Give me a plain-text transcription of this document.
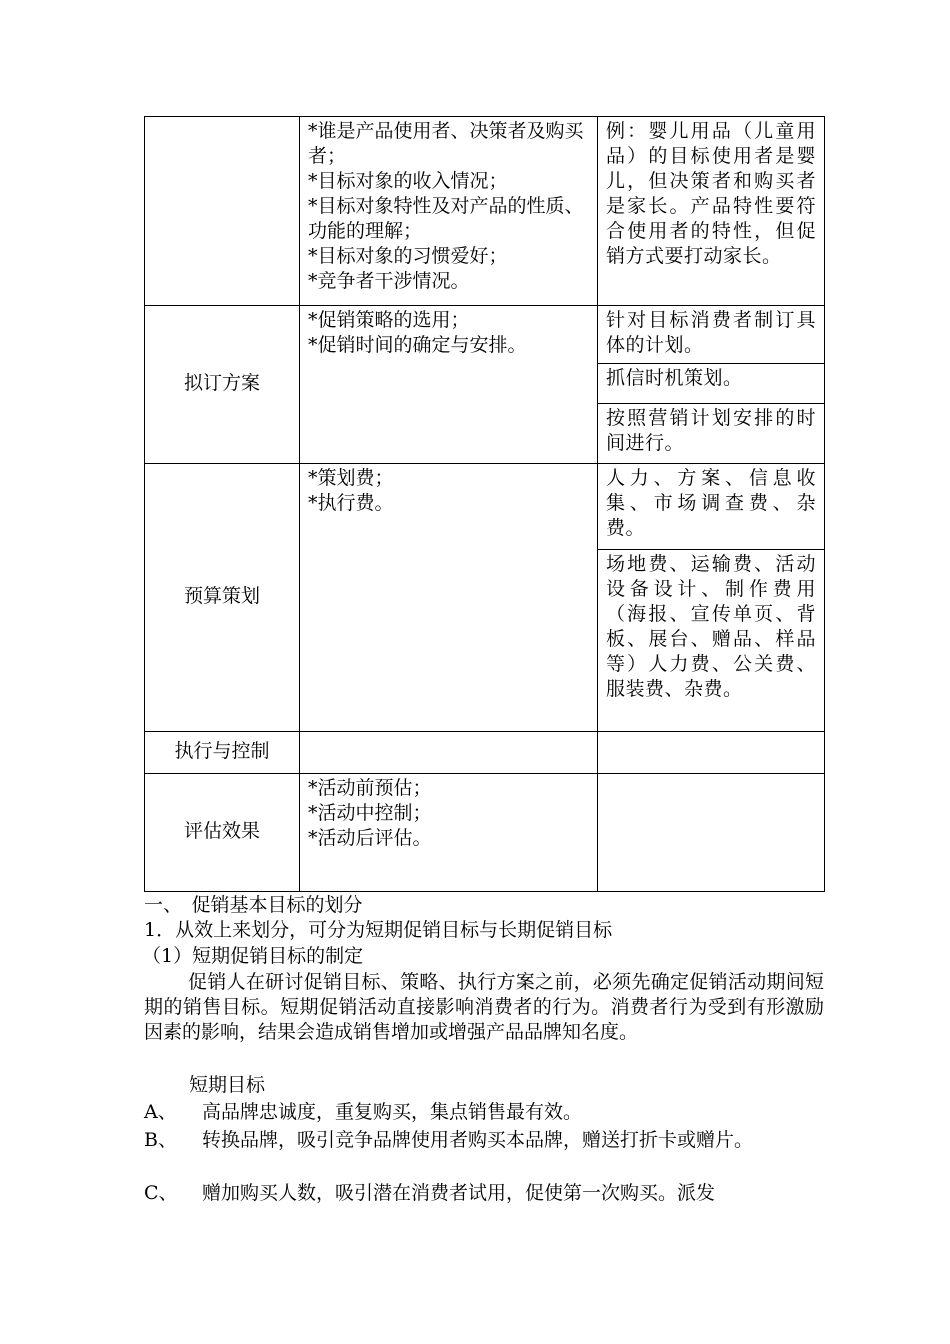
	*谁是产品使用者、决策者及购买者；
*目标对象的收入情况；
*目标对象特性及对产品的性质、功能的理解；
*目标对象的习惯爱好；
*竞争者干涉情况。	例：婴儿用品（儿童用品）的目标使用者是婴儿，但决策者和购买者是家长。产品特性要符合使用者的特性，但促销方式要打动家长。
拟订方案	*促销策略的选用；
*促销时间的确定与安排。	针对目标消费者制订具体的计划。
		抓信时机策划。
		按照营销计划安排的时间进行。
预算策划	*策划费；
*执行费。	人力、方案、信息收集、市场调查费、杂费。
		场地费、运输费、活动设备设计、制作费用（海报、宣传单页、背板、展台、赠品、样品等）人力费、公关费、服装费、杂费。
执行与控制		
评估效果	*活动前预估；
*活动中控制；
*活动后评估。	

一、　促销基本目标的划分
1．从效上来划分，可分为短期促销目标与长期促销目标
（1）短期促销目标的制定
促销人在研讨促销目标、策略、执行方案之前，必须先确定促销活动期间短期的销售目标。短期促销活动直接影响消费者的行为。消费者行为受到有形激励因素的影响，结果会造成销售增加或增强产品品牌知名度。
短期目标
A、 高品牌忠诚度，重复购买，集点销售最有效。
B、 转换品牌，吸引竞争品牌使用者购买本品牌，赠送打折卡或赠片。
C、 赠加购买人数，吸引潜在消费者试用，促使第一次购买。派发
